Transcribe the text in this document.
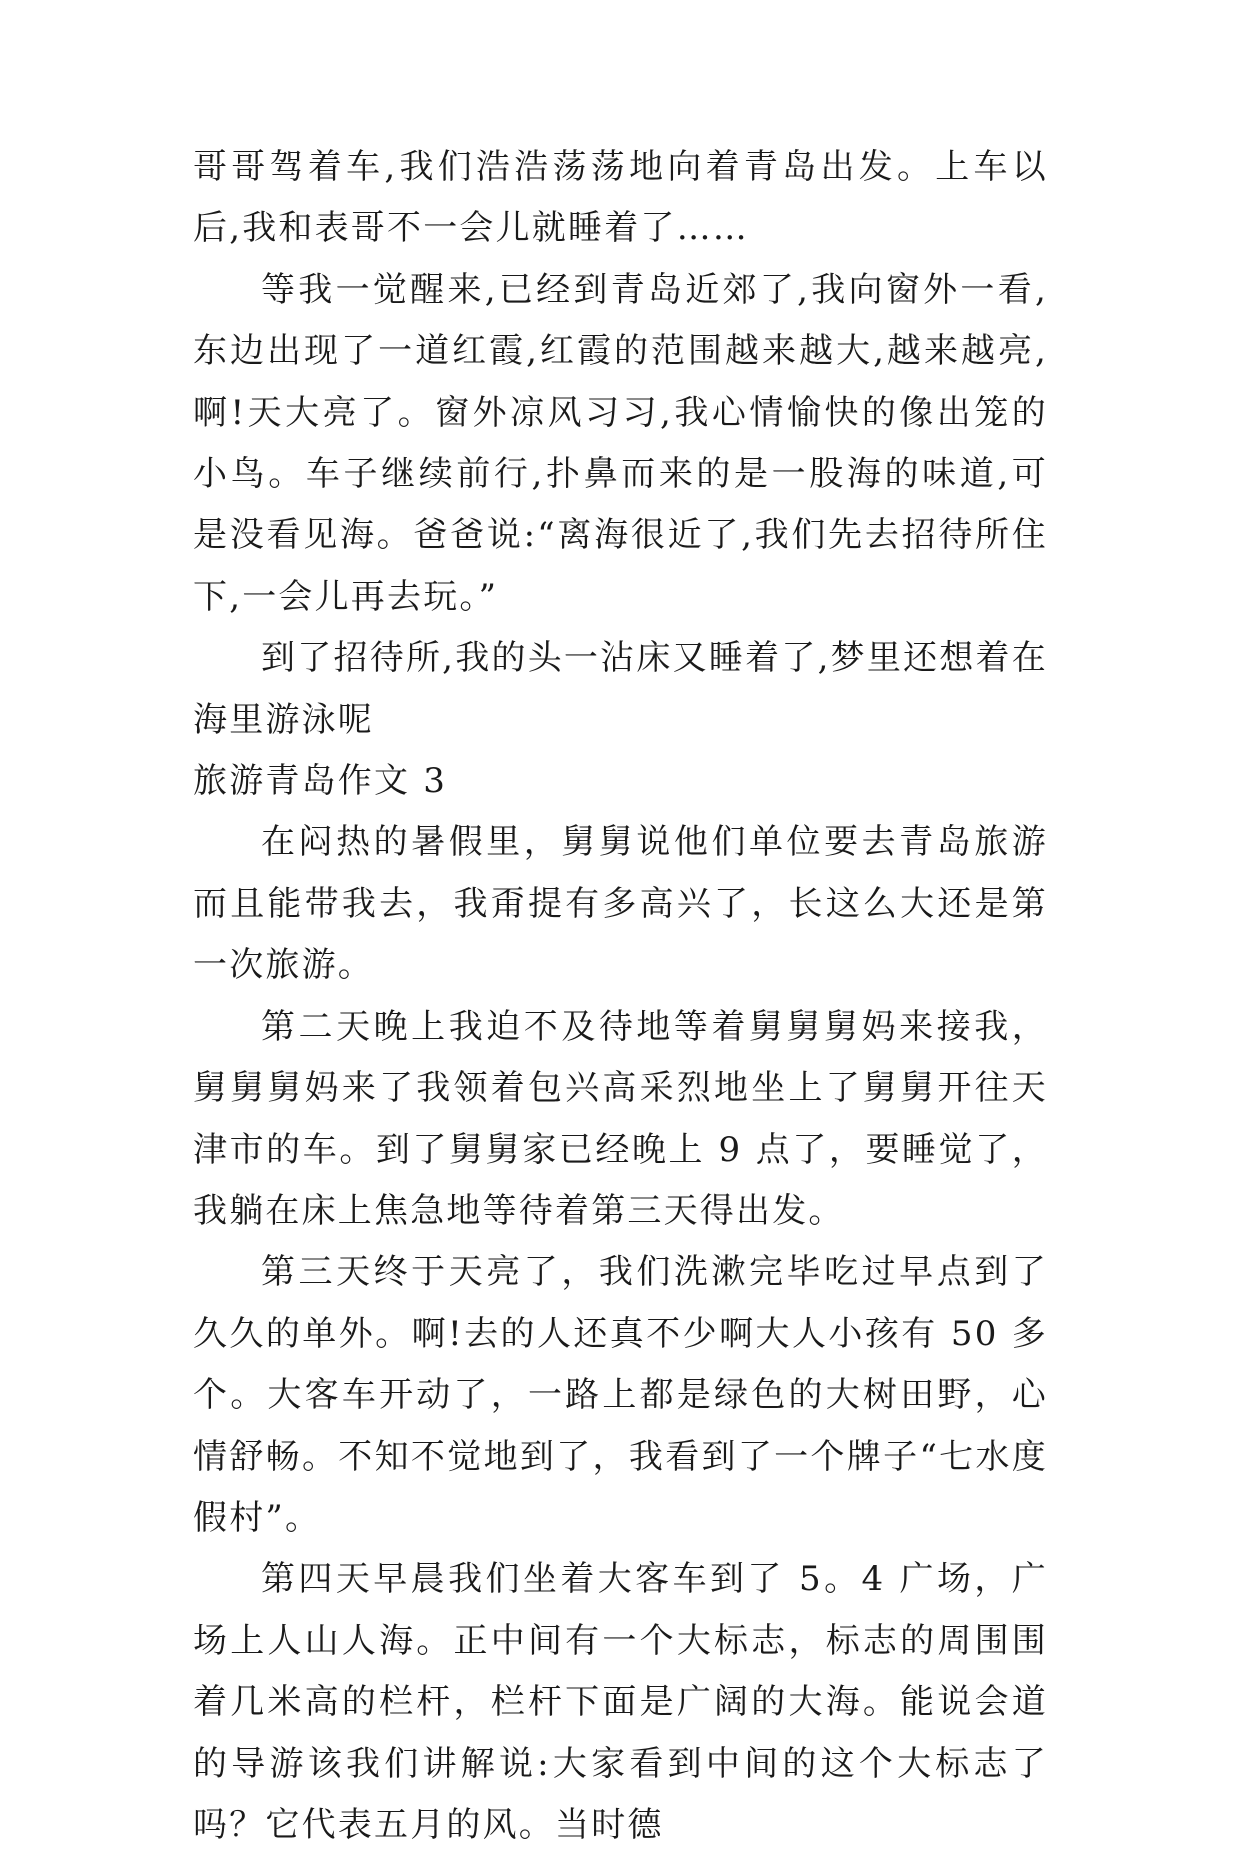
哥哥驾着车,我们浩浩荡荡地向着青岛出发。上车以后,我和表哥不一会儿就睡着了……

等我一觉醒来,已经到青岛近郊了,我向窗外一看,东边出现了一道红霞,红霞的范围越来越大,越来越亮,啊!天大亮了。窗外凉风习习,我心情愉快的像出笼的小鸟。车子继续前行,扑鼻而来的是一股海的味道,可是没看见海。爸爸说:“离海很近了,我们先去招待所住下,一会儿再去玩。”

到了招待所,我的头一沾床又睡着了,梦里还想着在海里游泳呢

旅游青岛作文 3

在闷热的暑假里，舅舅说他们单位要去青岛旅游而且能带我去，我甭提有多高兴了，长这么大还是第一次旅游。

第二天晚上我迫不及待地等着舅舅舅妈来接我，舅舅舅妈来了我领着包兴高采烈地坐上了舅舅开往天津市的车。到了舅舅家已经晚上 9 点了，要睡觉了，我躺在床上焦急地等待着第三天得出发。

第三天终于天亮了，我们洗漱完毕吃过早点到了久久的单外。啊!去的人还真不少啊大人小孩有 50 多个。大客车开动了，一路上都是绿色的大树田野，心情舒畅。不知不觉地到了，我看到了一个牌子“七水度假村”。

第四天早晨我们坐着大客车到了 5。4 广场，广场上人山人海。正中间有一个大标志，标志的周围围着几米高的栏杆，栏杆下面是广阔的大海。能说会道的导游该我们讲解说:大家看到中间的这个大标志了吗？它代表五月的风。当时德
